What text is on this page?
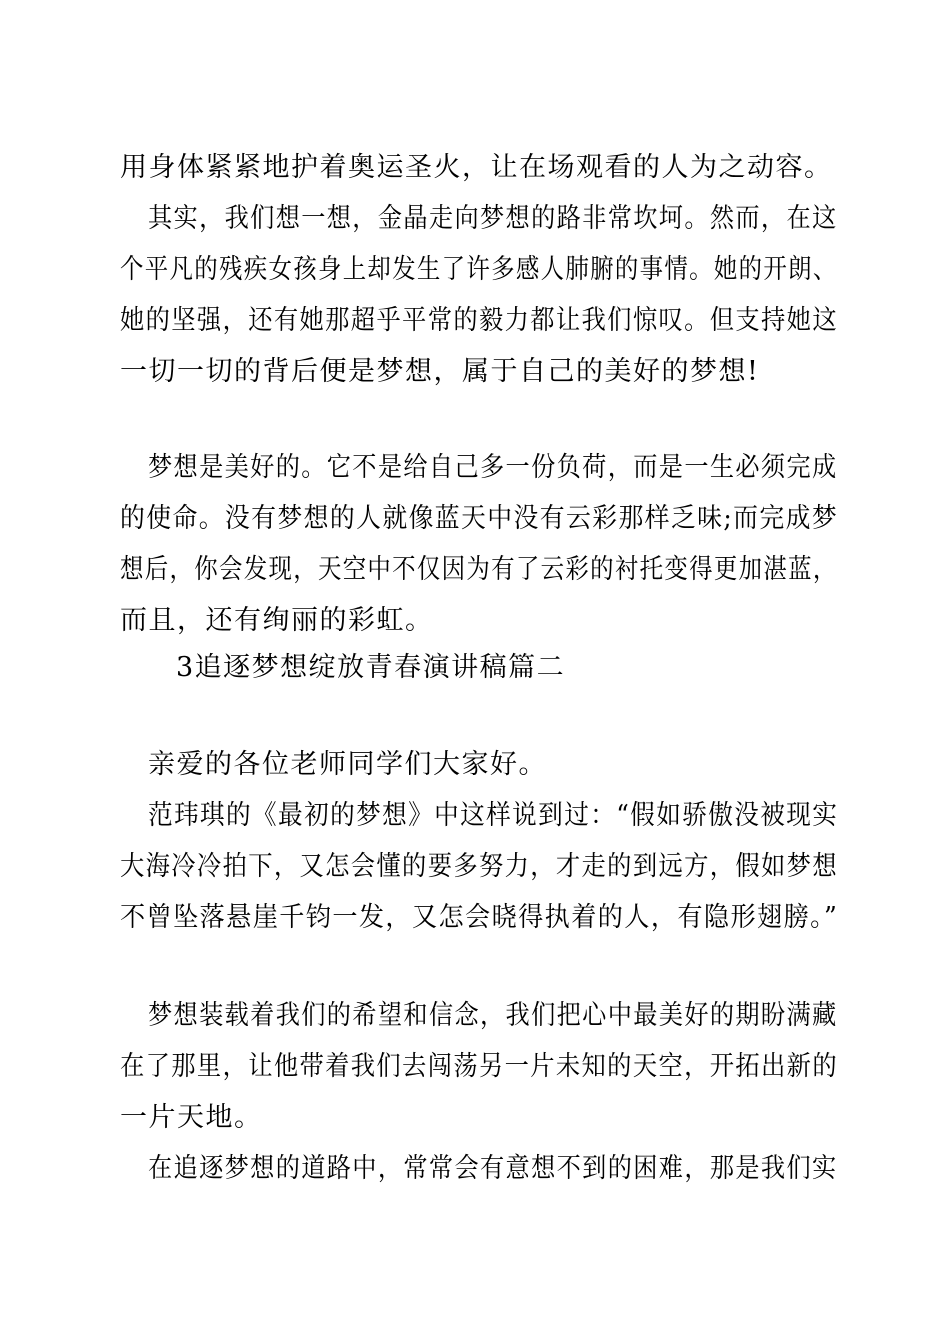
用身体紧紧地护着奥运圣火，让在场观看的人为之动容。
其实，我们想一想，金晶走向梦想的路非常坎坷。然而，在这
个平凡的残疾女孩身上却发生了许多感人肺腑的事情。她的开朗、
她的坚强，还有她那超乎平常的毅力都让我们惊叹。但支持她这
一切一切的背后便是梦想，属于自己的美好的梦想!
梦想是美好的。它不是给自己多一份负荷，而是一生必须完成
的使命。没有梦想的人就像蓝天中没有云彩那样乏味;而完成梦
想后，你会发现，天空中不仅因为有了云彩的衬托变得更加湛蓝，
而且，还有绚丽的彩虹。
3追逐梦想绽放青春演讲稿篇二
亲爱的各位老师同学们大家好。
范玮琪的《最初的梦想》中这样说到过：“假如骄傲没被现实
大海冷冷拍下，又怎会懂的要多努力，才走的到远方，假如梦想
不曾坠落悬崖千钧一发，又怎会晓得执着的人，有隐形翅膀。”
梦想装载着我们的希望和信念，我们把心中最美好的期盼满藏
在了那里，让他带着我们去闯荡另一片未知的天空，开拓出新的
一片天地。
在追逐梦想的道路中，常常会有意想不到的困难，那是我们实
